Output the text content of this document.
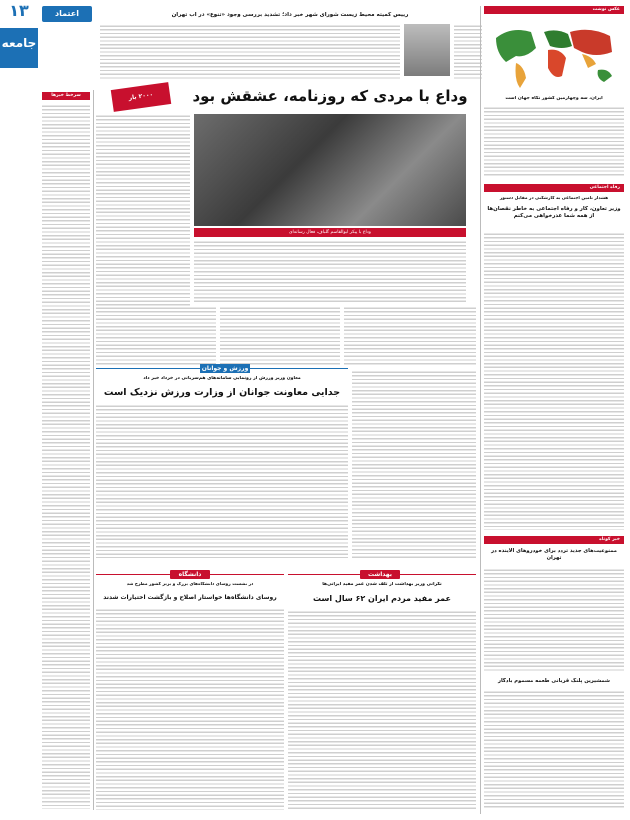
۱۳
جامعه
اعتماد
سرخط خبرها
رییس کمیته محیط زیست شورای شهر خبر داد؛ تشدید بررسی وجود «تنوع» در آب تهران
وداع با مردی که روزنامه، عشقش بود
۲۰۰۰ بار
وداع با پیکر ابوالقاسم گلباف، فعال رسانه‌ای
ورزش و جوانان
معاون وزیر ورزش از رونمایی سامانه‌های هم‌سربانی در خرداد خبر داد
جدایی معاونت جوانان از وزارت ورزش نزدیک است
دانشگاه
در نشست روسای دانشگاه‌های بزرگ و برتر کشور مطرح شد
روسای دانشگاه‌ها خواستار اصلاح و بازگشت اختیارات شدند
بهداشت
نگرانی وزیر بهداشت از تلف شدن عمر مفید ایرانی‌ها
عمر مفید مردم ایران ۶۲ سال است
عکس نوشت
ایران، سه وچهارمین کشور نگاه جهان است
رفاه اجتماعی
هشدار تامین اجتماعی به کارشکنی در مقابل دستور
وزیر تعاون، کار و رفاه اجتماعی به خاطر نقصان‌ها از همه شما عذرخواهی می‌کنم
خبر کوتاه
ممنوعیت‌های جدید تردد برای خودروهای آلاینده در تهران
شمشیرین پلنگ قربانی طعمه مسموم بادگار
